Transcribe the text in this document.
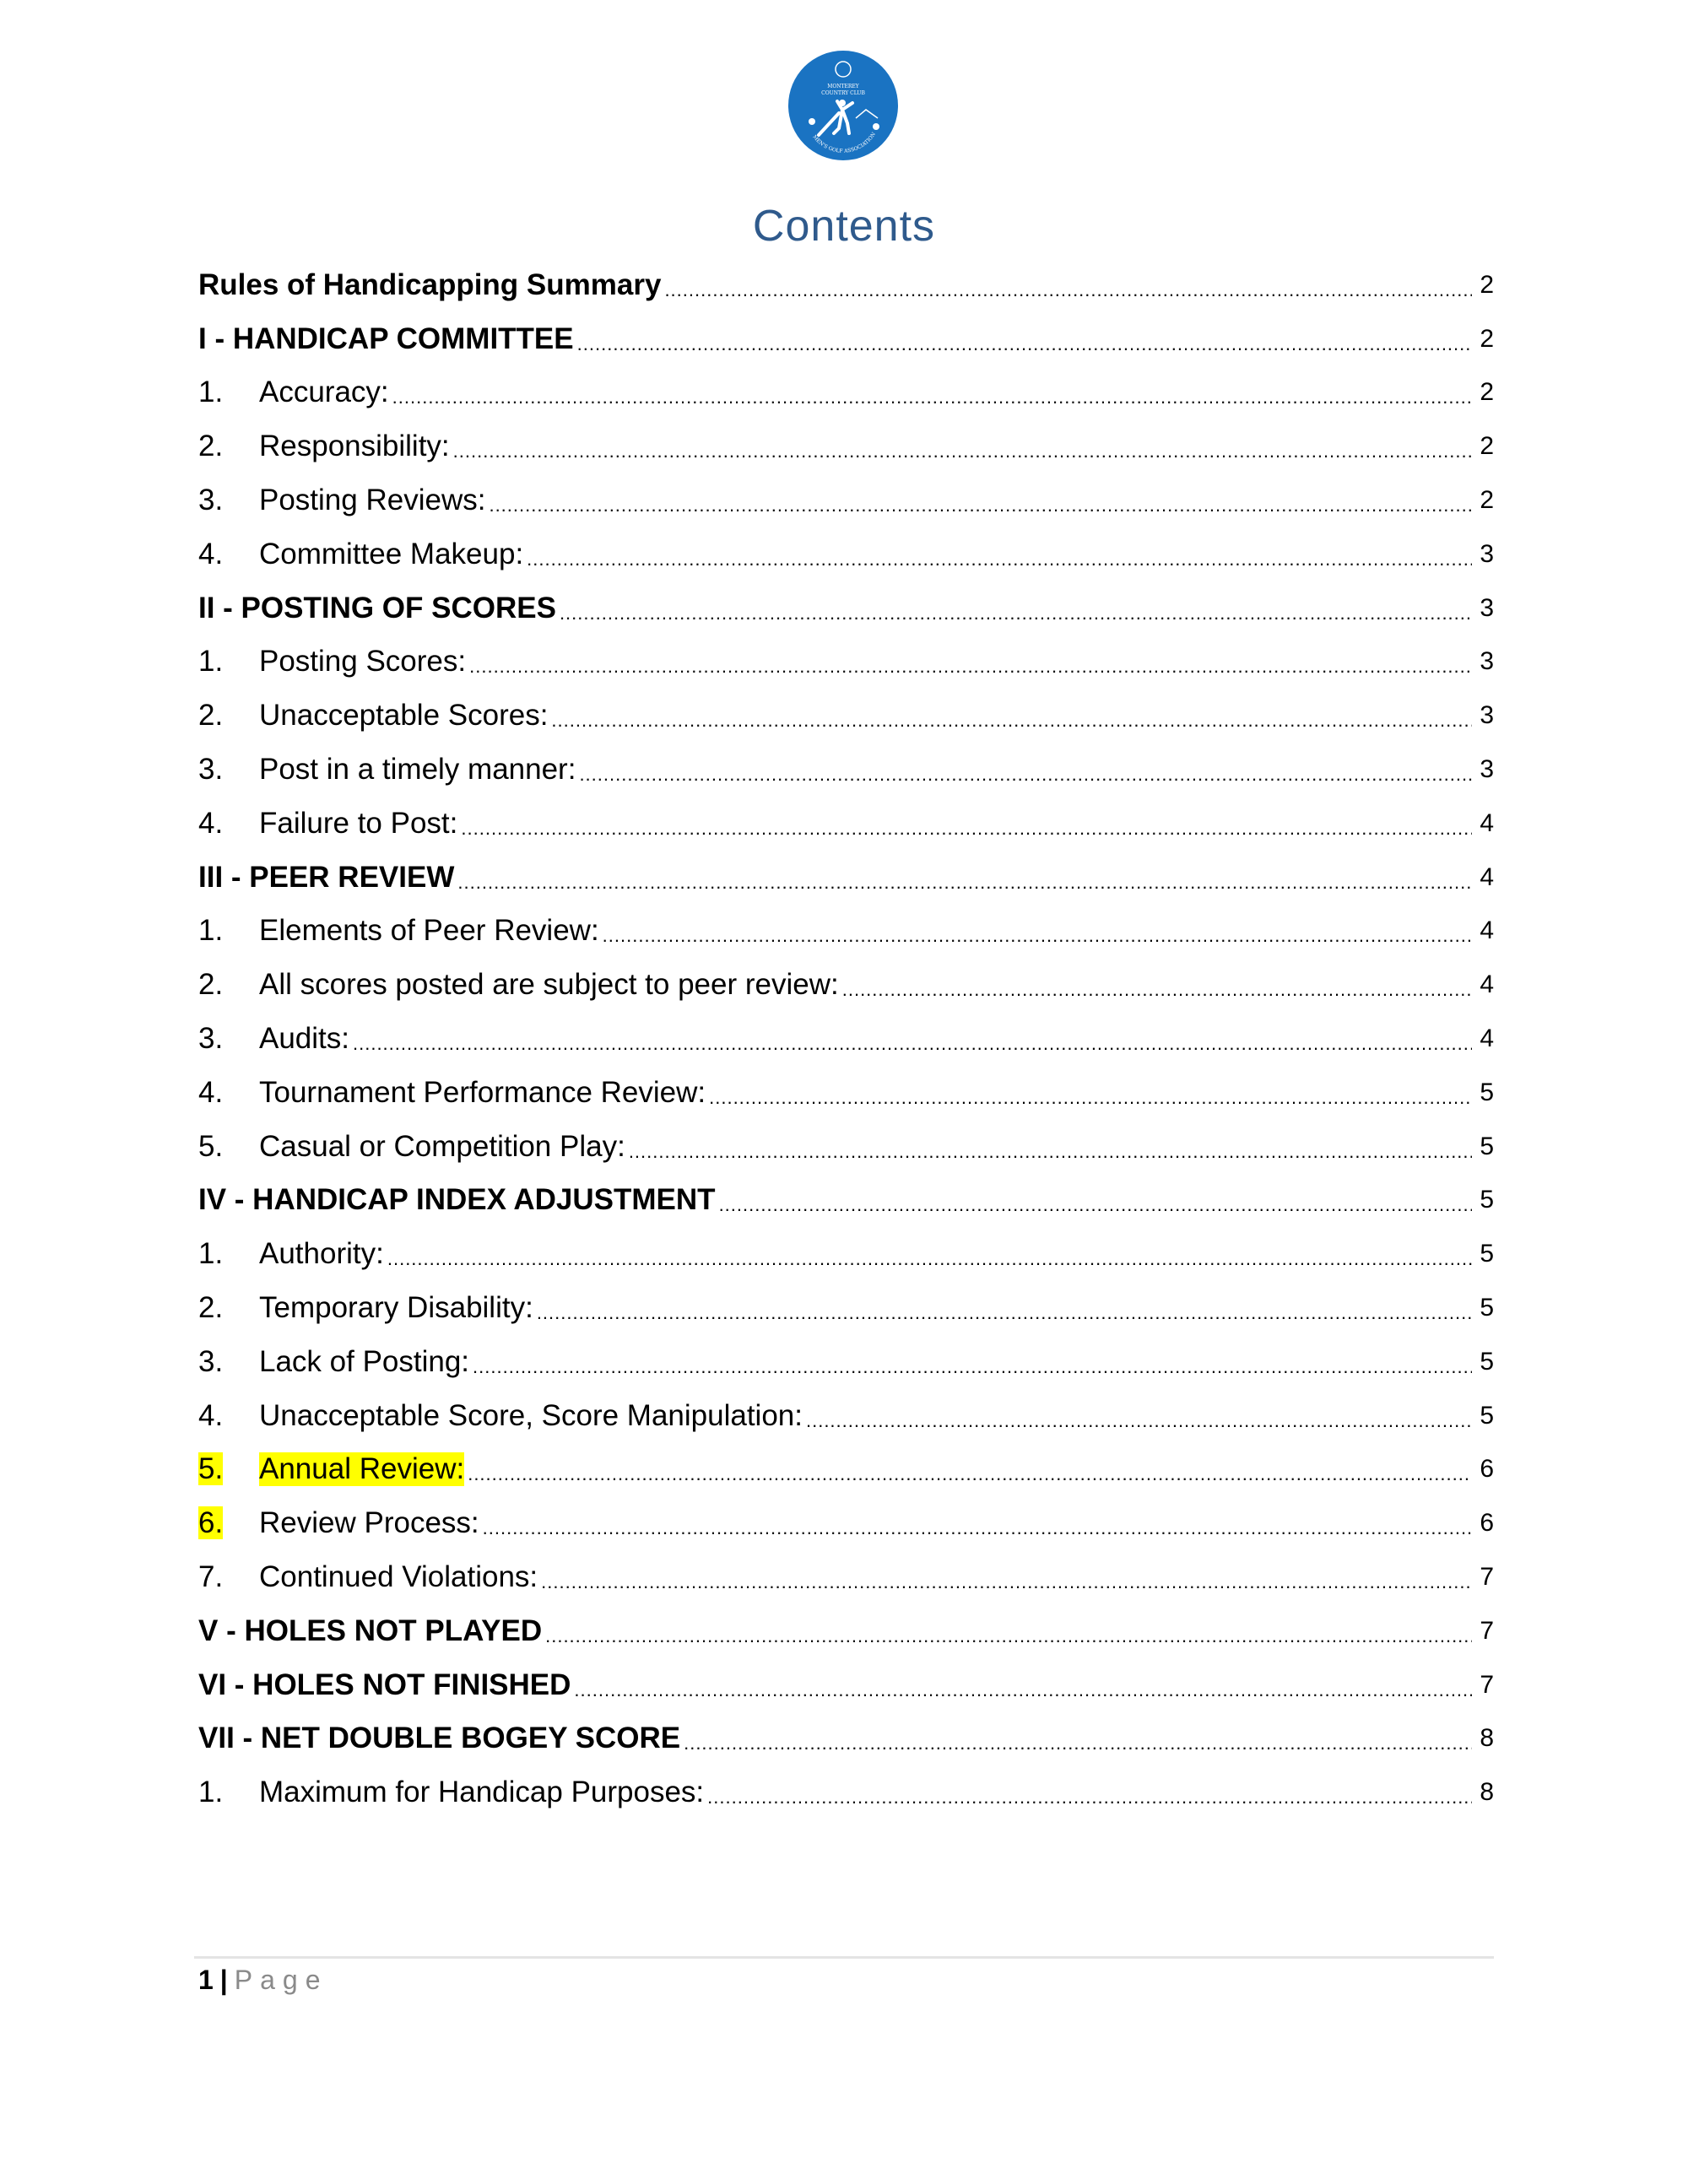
MONTEREY
COUNTRY CLUB
MEN'S GOLF ASSOCIATION
Contents
Rules of Handicapping Summary .....	2
I - HANDICAP COMMITTEE .....	2
1.	Accuracy: .....	2
2.	Responsibility: .....	2
3.	Posting Reviews: .....	2
4.	Committee Makeup: .....	3
II - POSTING OF SCORES .....	3
1.	Posting Scores: .....	3
2.	Unacceptable Scores: .....	3
3.	Post in a timely manner: .....	3
4.	Failure to Post: .....	4
III - PEER REVIEW .....	4
1.	Elements of Peer Review: .....	4
2.	All scores posted are subject to peer review: .....	4
3.	Audits: .....	4
4.	Tournament Performance Review: .....	5
5.	Casual or Competition Play: .....	5
IV - HANDICAP INDEX ADJUSTMENT .....	5
1.	Authority: .....	5
2.	Temporary Disability: .....	5
3.	Lack of Posting: .....	5
4.	Unacceptable Score, Score Manipulation: .....	5
5.	Annual Review: .....	6
6.	Review Process: .....	6
7.	Continued Violations: .....	7
V - HOLES NOT PLAYED .....	7
VI - HOLES NOT FINISHED .....	7
VII - NET DOUBLE BOGEY SCORE .....	8
1.	Maximum for Handicap Purposes: .....	8
1 | Page
